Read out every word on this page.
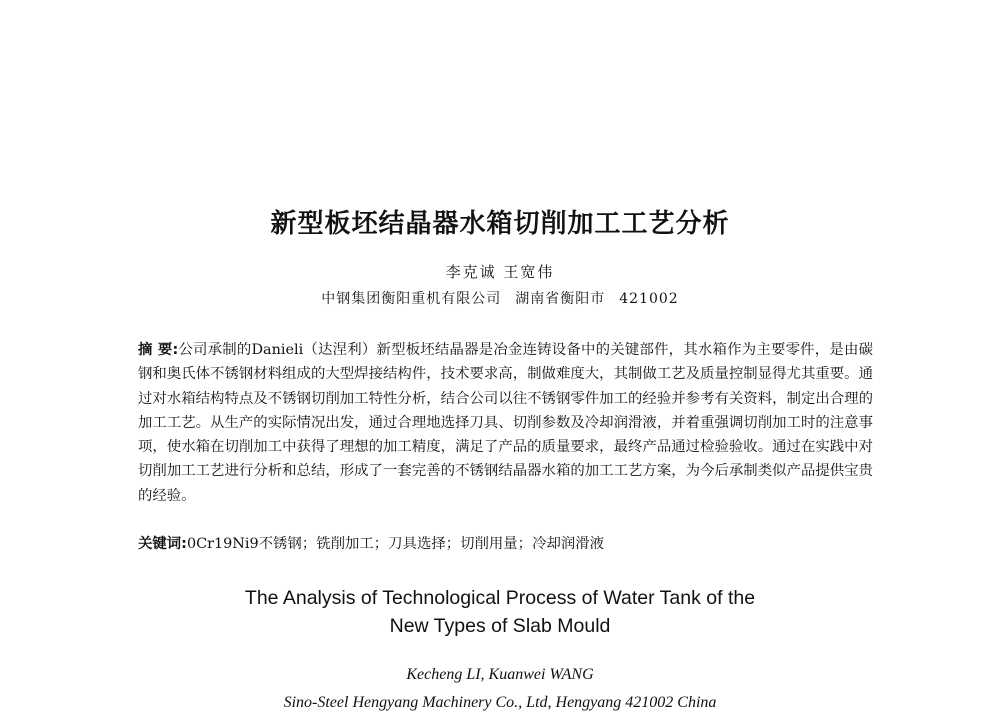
新型板坯结晶器水箱切削加工工艺分析
李克诚 王宽伟
中钢集团衡阳重机有限公司 湖南省衡阳市 421002
摘 要:公司承制的Danieli（达涅利）新型板坯结晶器是冶金连铸设备中的关键部件，其水箱作为主要零件，是由碳钢和奥氏体不锈钢材料组成的大型焊接结构件，技术要求高，制做难度大，其制做工艺及质量控制显得尤其重要。通过对水箱结构特点及不锈钢切削加工特性分析，结合公司以往不锈钢零件加工的经验并参考有关资料，制定出合理的加工工艺。从生产的实际情况出发，通过合理地选择刀具、切削参数及冷却润滑液，并着重强调切削加工时的注意事项，使水箱在切削加工中获得了理想的加工精度，满足了产品的质量要求，最终产品通过检验验收。通过在实践中对切削加工工艺进行分析和总结，形成了一套完善的不锈钢结晶器水箱的加工工艺方案，为今后承制类似产品提供宝贵的经验。
关键词:0Cr19Ni9不锈钢；铣削加工；刀具选择；切削用量；冷却润滑液
The Analysis of Technological Process of Water Tank of the
New Types of Slab Mould
Kecheng LI, Kuanwei WANG
Sino-Steel Hengyang Machinery Co., Ltd, Hengyang 421002 China
